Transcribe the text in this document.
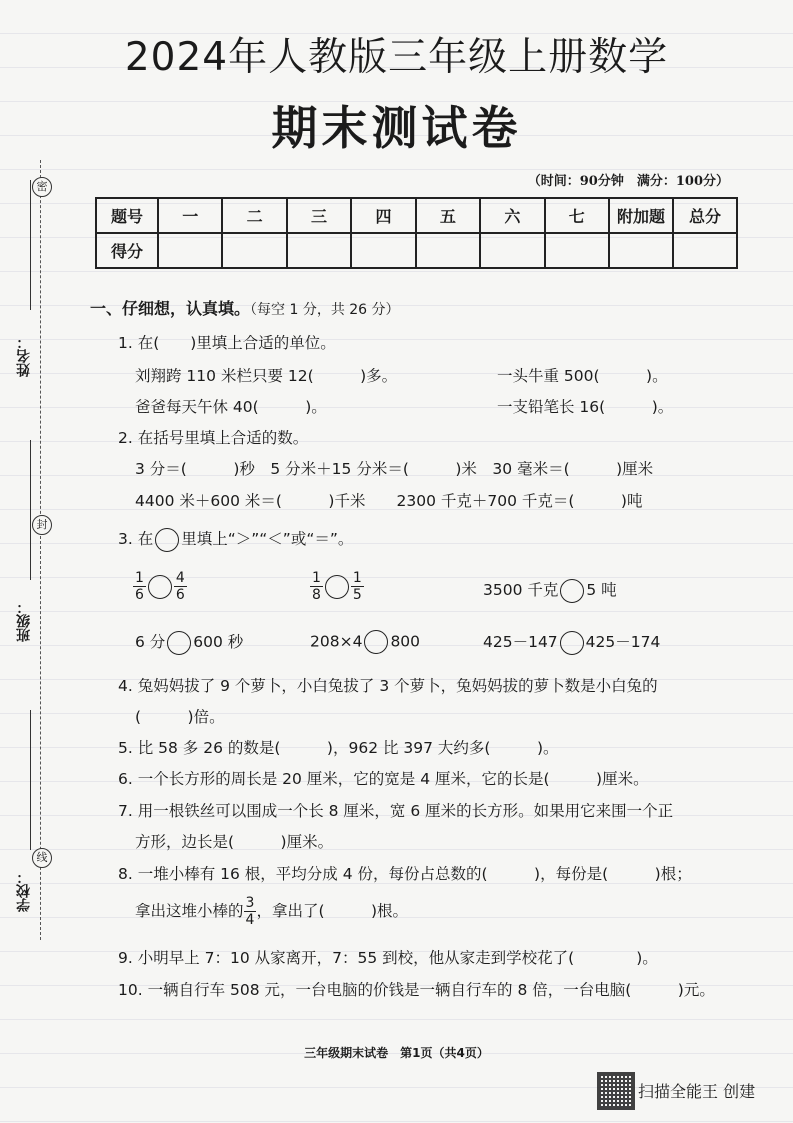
密
封
线
姓名：
班级：
学校：
2024年人教版三年级上册数学
期末测试卷
（时间：90分钟　满分：100分）
题号	一	二	三	四	五	六	七	附加题	总分
得分									
一、仔细想，认真填。（每空 1 分，共 26 分）
1. 在(　　)里填上合适的单位。
刘翔跨 110 米栏只要 12(　　　)多。	一头牛重 500(　　　)。
爸爸每天午休 40(　　　)。	一支铅笔长 16(　　　)。
2. 在括号里填上合适的数。
3 分＝(　　　)秒　5 分米＋15 分米＝(　　　)米　30 毫米＝(　　　)厘米
4400 米＋600 米＝(　　　)千米　　2300 千克＋700 千克＝(　　　)吨
3. 在 里填上“＞”“＜”或“＝”。
$\frac{1}{6} \frac{4}{6}$	$\frac{1}{8} \frac{1}{5}$	3500 千克 5 吨
6 分 600 秒	208×4 800	425－147 425－174
4. 兔妈妈拔了 9 个萝卜，小白兔拔了 3 个萝卜，兔妈妈拔的萝卜数是小白兔的
(　　　)倍。
5. 比 58 多 26 的数是(　　　)，962 比 397 大约多(　　　)。
6. 一个长方形的周长是 20 厘米，它的宽是 4 厘米，它的长是(　　　)厘米。
7. 用一根铁丝可以围成一个长 8 厘米，宽 6 厘米的长方形。如果用它来围一个正
方形，边长是(　　　)厘米。
8. 一堆小棒有 16 根，平均分成 4 份，每份占总数的(　　　)，每份是(　　　)根；
拿出这堆小棒的 $\frac{3}{4}$ ，拿出了(　　　)根。
9. 小明早上 7：10 从家离开，7：55 到校，他从家走到学校花了(　　　　)。
10. 一辆自行车 508 元，一台电脑的价钱是一辆自行车的 8 倍，一台电脑(　　　)元。
三年级期末试卷　第1页（共4页）
扫描全能王 创建
